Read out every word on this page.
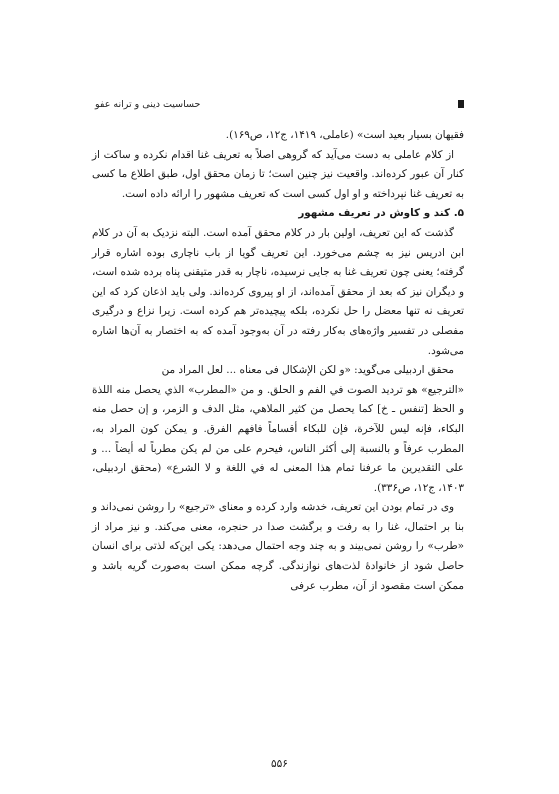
حساسیت دینی و ترانه عفو

فقیهان بسیار بعید است» (عاملی، ۱۴۱۹، ج۱۲، ص۱۶۹).

از کلام عاملی به دست می‌آید که گروهی اصلاً به تعریف غنا اقدام نکرده و ساکت از کنار آن عبور کرده‌اند. واقعیت نیز چنین است؛ تا زمان محقق اول، طبق اطلاع ما کسی به تعریف غنا نپرداخته و او اول کسی است که تعریف مشهور را ارائه داده است.

۵. کند و کاوش در تعریف مشهور

گذشت که این تعریف، اولین بار در کلام محقق آمده است. البته نزدیک به آن در کلام ابن ادریس نیز به چشم می‌خورد. این تعریف گویا از باب ناچاری بوده اشاره قرار گرفته؛ یعنی چون تعریف غنا به جایی نرسیده، ناچار به قدر متیقنی پناه برده شده است، و دیگران نیز که بعد از محقق آمده‌اند، از او پیروی کرده‌اند. ولی باید اذعان کرد که این تعریف نه تنها معضل را حل نکرده، بلکه پیچیده‌تر هم کرده است. زیرا نزاع و درگیری مفصلی در تفسیر واژه‌های به‌کار رفته در آن به‌وجود آمده که به اختصار به آن‌ها اشاره می‌شود.

محقق اردبیلی می‌گوید: «و لکن الإشکال فی معناه ... لعل المراد من

«الترجیع» هو ترديد الصوت في الفم و الحلق. و من «المطرب» الذي يحصل منه اللذة و الحظ [تنفس ـ خ] كما يحصل من كثير الملاهي، مثل الدف و الزمر، و إن حصل منه البكاء، فإنه ليس للآخرة، فإن للبكاء أقساماً فافهم الفرق. و يمكن كون المراد به، المطرب عرفاً و بالنسبة إلى أكثر الناس، فيحرم على من لم يكن مطرباً له أيضاً ... و على التقديرين ما عرفنا تمام هذا المعنى له في اللغة و لا الشرع» (محقق اردبیلی، ۱۴۰۳، ج۱۲، ص۳۳۶).

وی در تمام بودن این تعریف، خدشه وارد کرده و معنای «ترجیع» را روشن نمی‌داند و بنا بر احتمال، غنا را به رفت و برگشت صدا در حنجره، معنی می‌کند. و نیز مراد از «طرب» را روشن نمی‌بیند و به چند وجه احتمال می‌دهد: یکی این‌که لذتی برای انسان حاصل شود از خانوادهٔ لذت‌های نوازندگی. گرچه ممکن است به‌صورت گریه باشد و ممکن است مقصود از آن، مطرب عرفی

۵۵۶
